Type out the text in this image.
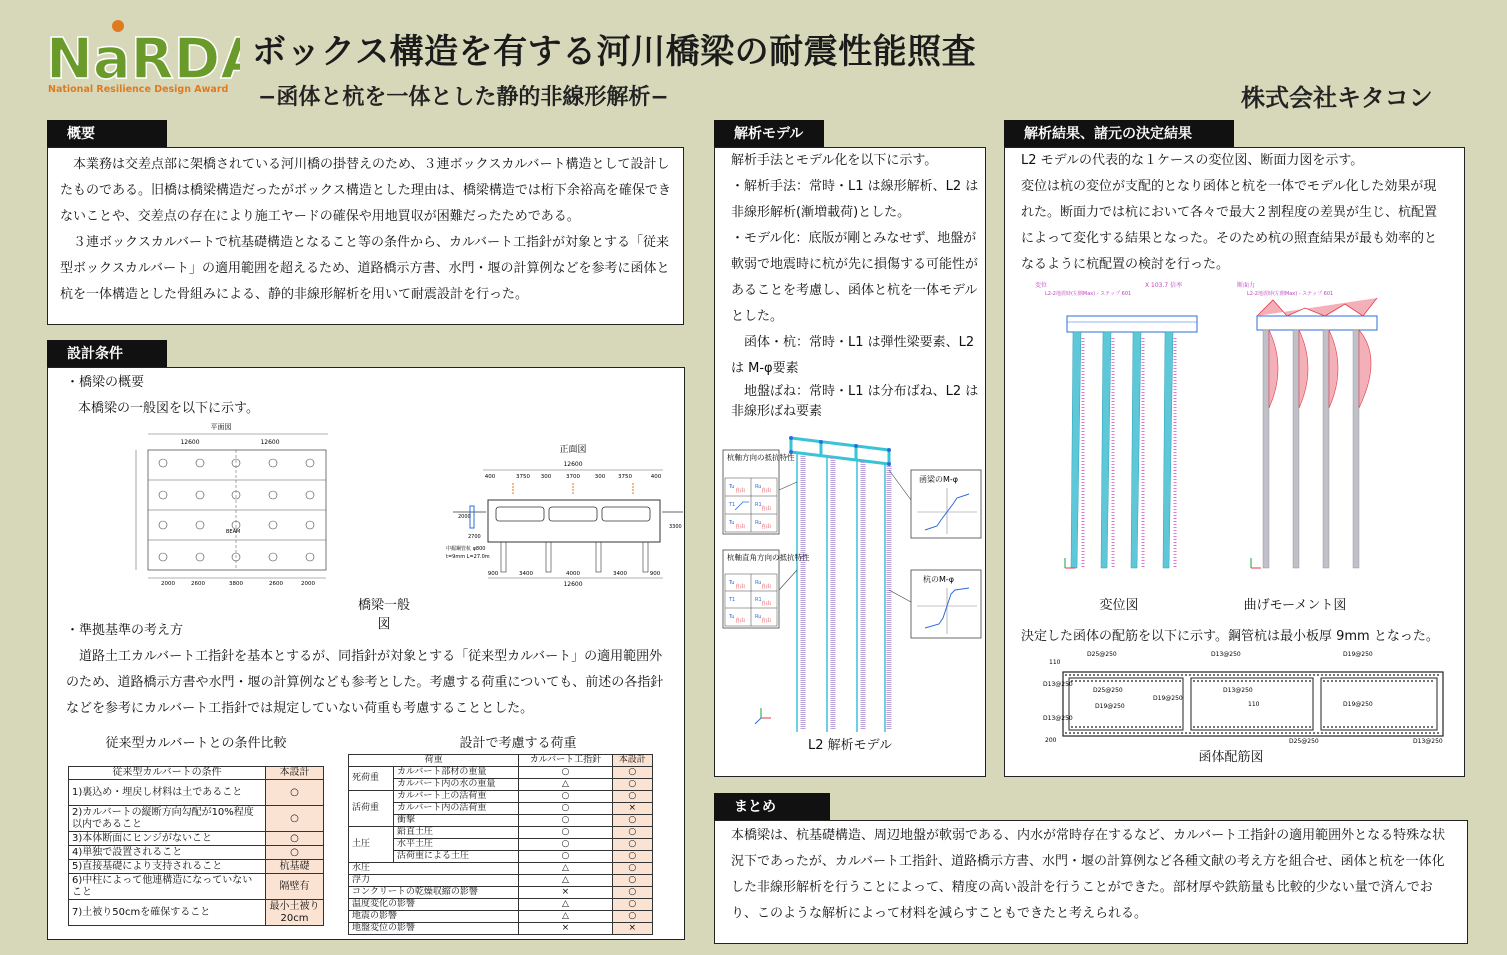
NaRD
National Resilience Design Award
ボックス構造を有する河川橋梁の耐震性能照査
−函体と杭を一体とした静的非線形解析−	株式会社キタコン
概要

本業務は交差点部に架橋されている河川橋の掛替えのため、３連ボックスカルバート構造として設計したものである。旧橋は橋梁構造だったがボックス構造とした理由は、橋梁構造では桁下余裕高を確保できないことや、交差点の存在により施工ヤードの確保や用地買収が困難だったためである。

３連ボックスカルバートで杭基礎構造となること等の条件から、カルバート工指針が対象とする「従来型ボックスカルバート」の適用範囲を超えるため、道路橋示方書、水門・堰の計算例などを参考に函体と杭を一体構造とした骨組みによる、静的非線形解析を用いて耐震設計を行った。

設計条件
・橋梁の概要
本橋梁の一般図を以下に示す。
平面図
12600	12600
BEAM
2000	2600	3800	2600	2000
正面図
12600
400	3750 300	3700	300 3750	400
2000
2700
3300
中掘鋼管杭 φ800
t=9mm L=27.0m
900	3400	4000	3400	900
12600
橋梁一般図
・準拠基準の考え方

道路土工カルバート工指針を基本とするが、同指針が対象とする「従来型カルバート」の適用範囲外のため、道路橋示方書や水門・堰の計算例なども参考とした。考慮する荷重についても、前述の各指針などを参考にカルバート工指針では規定していない荷重も考慮することとした。

従来型カルバートとの条件比較
従来型カルバートの条件	本設計
1)裏込め・埋戻し材料は土であること	○
2)カルバートの縦断方向勾配が10%程度以内であること	○
3)本体断面にヒンジがないこと	○
4)単独で設置されること	○
5)直接基礎により支持されること	杭基礎
6)中柱によって他連構造になっていないこと	隔壁有
7)土被り50cmを確保すること	最小土被り20cm
設計で考慮する荷重
荷重		カルバート工指針	本設計
死荷重	カルバート部材の重量	○	○
	カルバート内の水の重量	△	○
活荷重	カルバート上の活荷重	○	○
	カルバート内の活荷重	○	×
	衝撃	○	○
土圧	鉛直土圧	○	○
	水平土圧	○	○
	活荷重による土圧	○	○
水圧		△	○
浮力		△	○
コンクリートの乾燥収縮の影響		×	○
温度変化の影響		△	○
地震の影響		△	○
地盤変位の影響		×	×
解析モデル

解析手法とモデル化を以下に示す。

・解析手法：常時・L1 は線形解析、L2 は非線形解析(漸増載荷)とした。

・モデル化：底版が剛とみなせず、地盤が軟弱で地震時に杭が先に損傷する可能性があることを考慮し、函体と杭を一体モデルとした。

函体・杭：常時・L1 は弾性梁要素、L2 は M-φ要素

地盤ばね：常時・L1 は分布ばね、L2 は非線形ばね要素

杭軸方向の抵抗特性
Tu
自由
Ru
自由
T1	R1
自由
Tu
自由
Ru
自由
杭軸直角方向の抵抗特性
Tu
自由
Ru
自由
T1	R1
自由
Tu
自由
Ru
自由
函梁のM-φ
杭のM-φ
L2 解析モデル
解析結果、諸元の決定結果

L2 モデルの代表的な１ケースの変位図、断面力図を示す。

変位は杭の変位が支配的となり函体と杭を一体でモデル化した効果が現れた。断面力では杭において各々で最大２割程度の差異が生じ、杭配置によって変化する結果となった。そのため杭の照査結果が最も効率的となるように杭配置の検討を行った。

変位
L2-2地震時(左側Max) - ステップ 601
X 103.7 倍率	断面力
L2-2地震時(左側Max) - ステップ 601
変位図	曲げモーメント図
決定した函体の配筋を以下に示す。鋼管杭は最小板厚 9mm となった。
D25@250	D13@250	D19@250
D13@250
D25@250
D19@250
D13@250
D19@250
D13@250
D19@250
D25@250	D13@250
110
110
200
函体配筋図
まとめ

本橋梁は、杭基礎構造、周辺地盤が軟弱である、内水が常時存在するなど、カルバート工指針の適用範囲外となる特殊な状況下であったが、カルバート工指針、道路橋示方書、水門・堰の計算例など各種文献の考え方を組合せ、函体と杭を一体化した非線形解析を行うことによって、精度の高い設計を行うことができた。部材厚や鉄筋量も比較的少ない量で済んでおり、このような解析によって材料を減らすこともできたと考えられる。
